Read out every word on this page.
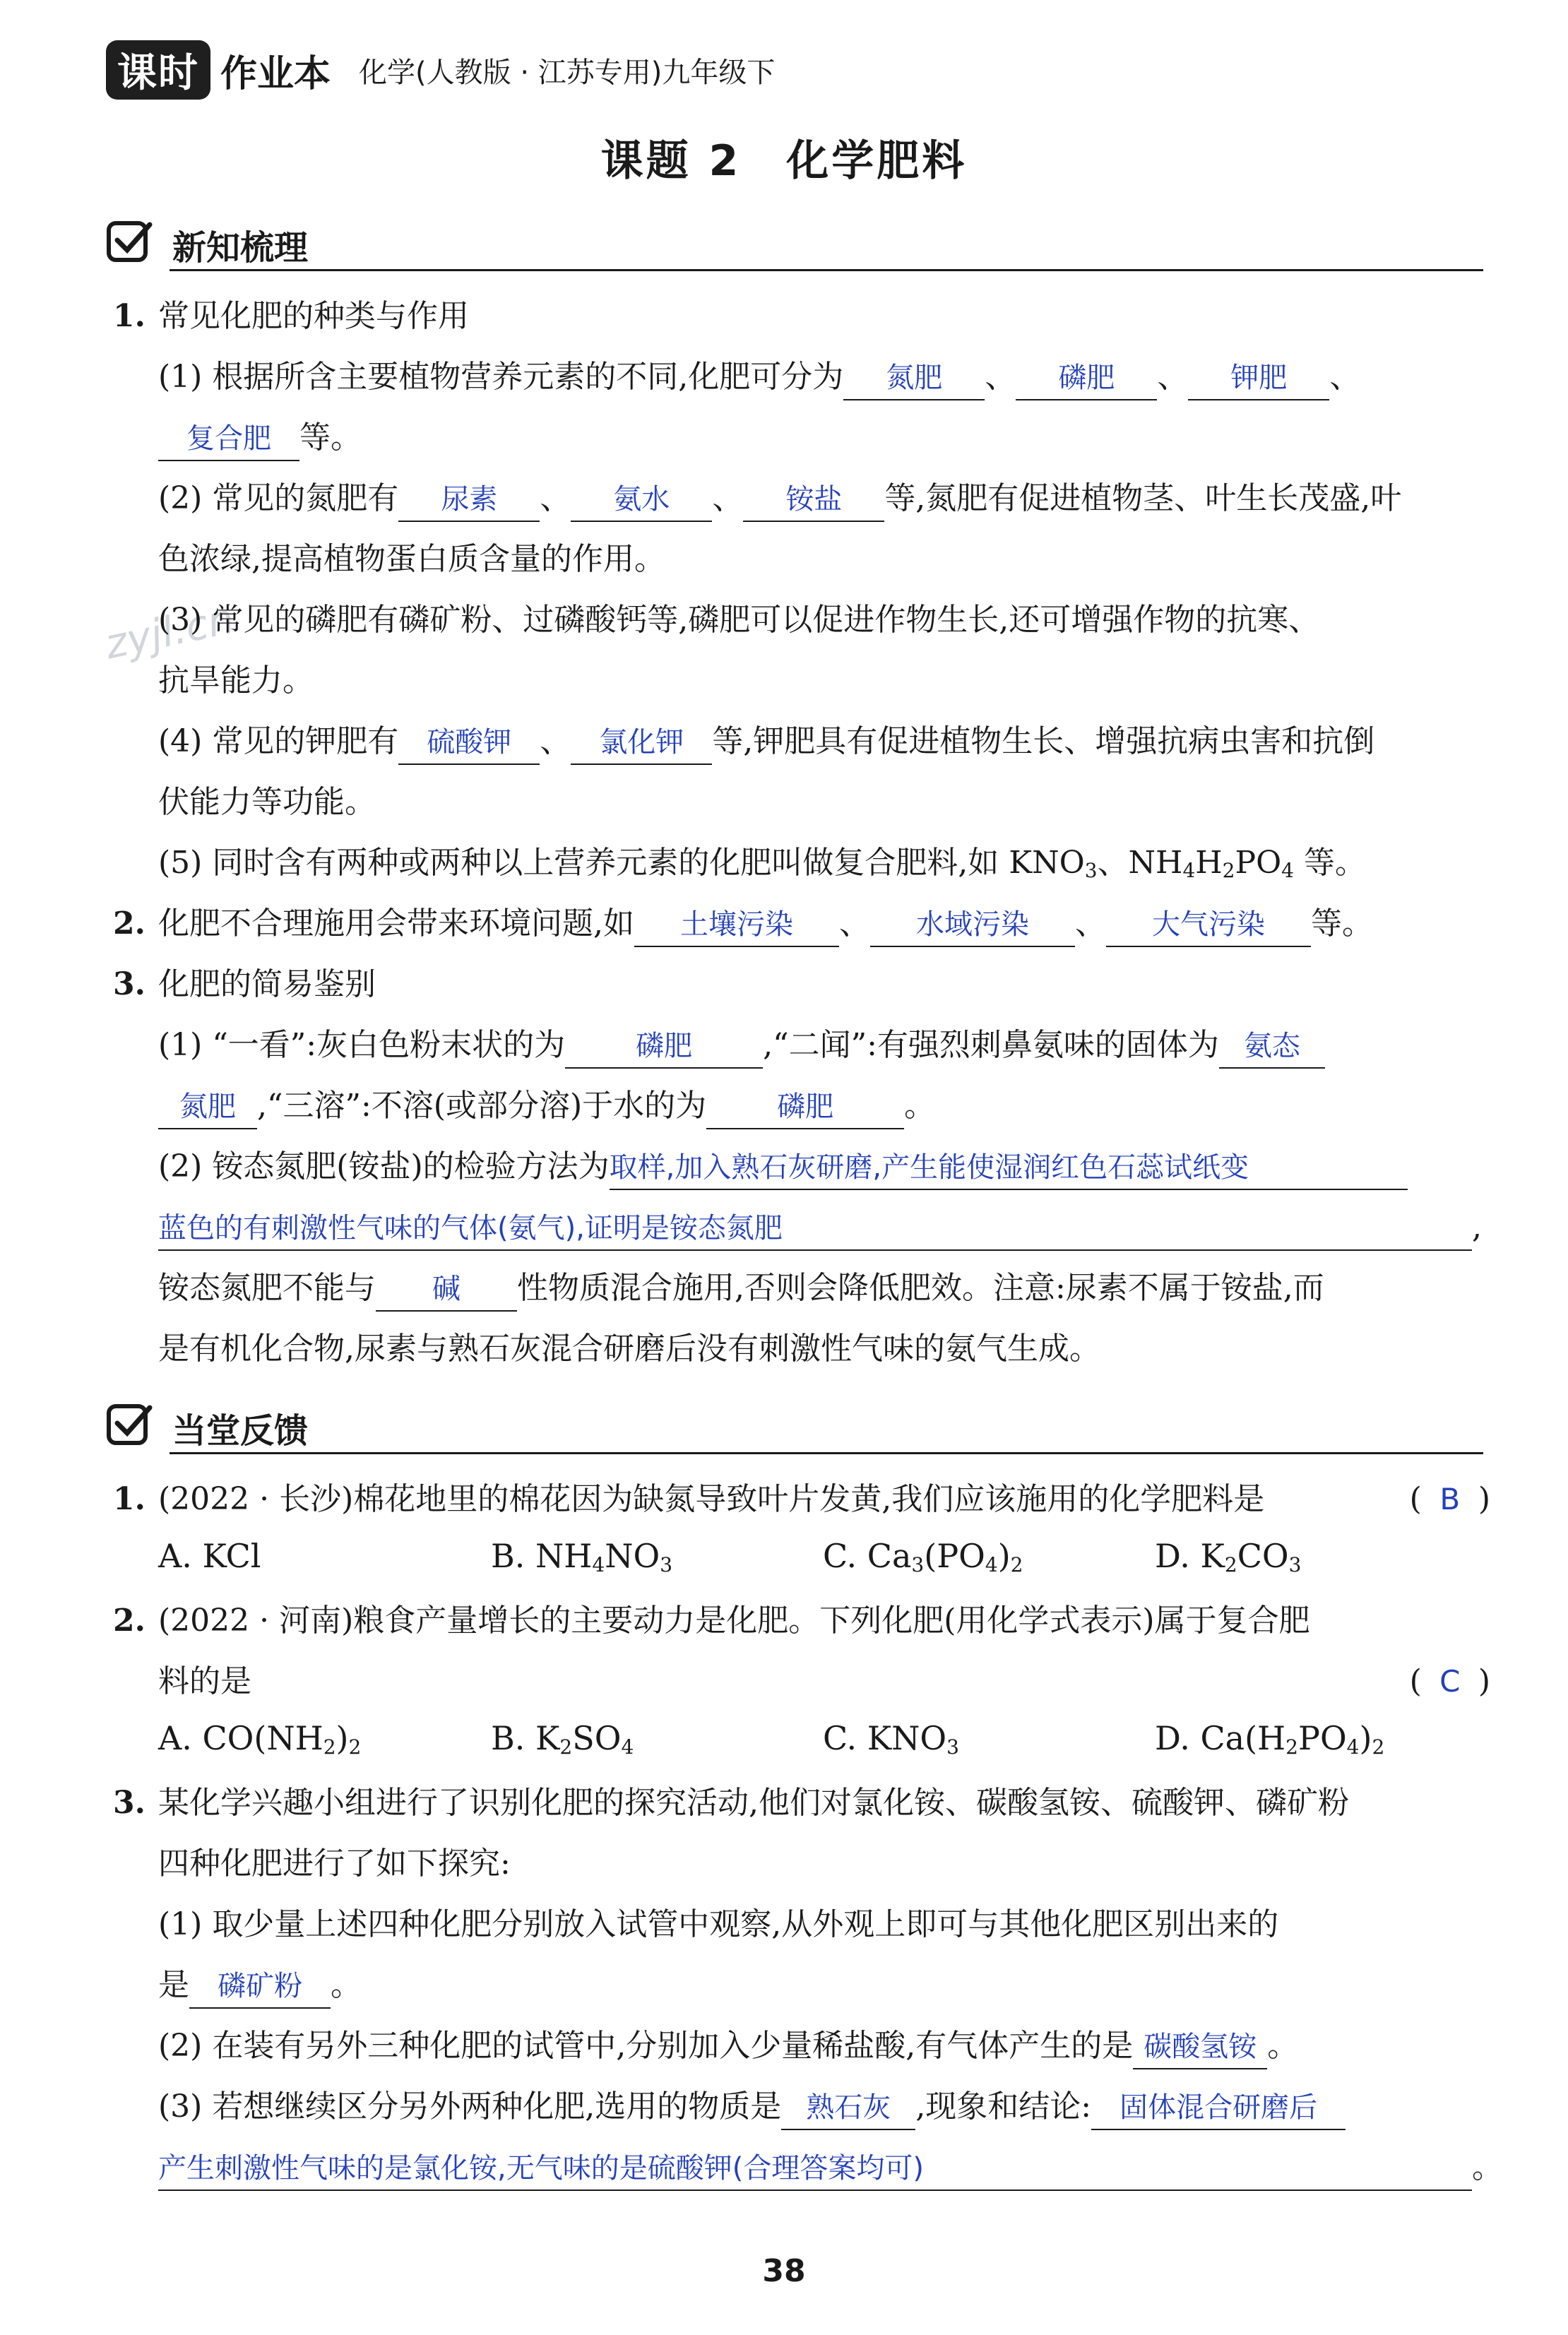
课时 作业本 化学(人教版 · 江苏专用)九年级下
课题 2　化学肥料
zyjl.cn
新知梳理
1. 常见化肥的种类与作用
(1) 根据所含主要植物营养元素的不同,化肥可分为 氮肥 、 磷肥 、 钾肥 、
复合肥 等。
(2) 常见的氮肥有 尿素 、 氨水 、 铵盐 等,氮肥有促进植物茎、叶生长茂盛,叶
色浓绿,提高植物蛋白质含量的作用。
(3) 常见的磷肥有磷矿粉、过磷酸钙等,磷肥可以促进作物生长,还可增强作物的抗寒、
抗旱能力。
(4) 常见的钾肥有 硫酸钾 、 氯化钾 等,钾肥具有促进植物生长、增强抗病虫害和抗倒
伏能力等功能。
(5) 同时含有两种或两种以上营养元素的化肥叫做复合肥料,如 $KNO_3$、$NH_4H_2PO_4$ 等。
2. 化肥不合理施用会带来环境问题,如 土壤污染 、 水域污染 、 大气污染 等。
3. 化肥的简易鉴别
(1) “一看”:灰白色粉末状的为	磷肥 ,“二闻”:有强烈刺鼻氨味的固体为 氨态
氮肥 ,“三溶”:不溶(或部分溶)于水的为	磷肥 。
(2) 铵态氮肥(铵盐)的检验方法为取样,加入熟石灰研磨,产生能使湿润红色石蕊试纸变
蓝色的有刺激性气味的气体(氨气),证明是铵态氮肥	,
铵态氮肥不能与 碱 性物质混合施用,否则会降低肥效。注意:尿素不属于铵盐,而
是有机化合物,尿素与熟石灰混合研磨后没有刺激性气味的氨气生成。
当堂反馈
1. (2022 · 长沙)棉花地里的棉花因为缺氮导致叶片发黄,我们应该施用的化学肥料是	( B )
A. KCl	B. $NH_4NO_3$	C. $Ca_3(PO_4)_2$	D. $K_2CO_3$
2. (2022 · 河南)粮食产量增长的主要动力是化肥。下列化肥(用化学式表示)属于复合肥
料的是	( C )
A. $CO(NH_2)_2$	B. $K_2SO_4$	C. $KNO_3$	D. $Ca(H_2PO_4)_2$
3. 某化学兴趣小组进行了识别化肥的探究活动,他们对氯化铵、碳酸氢铵、硫酸钾、磷矿粉
四种化肥进行了如下探究:
(1) 取少量上述四种化肥分别放入试管中观察,从外观上即可与其他化肥区别出来的
是 磷矿粉 。
(2) 在装有另外三种化肥的试管中,分别加入少量稀盐酸,有气体产生的是 碳酸氢铵 。
(3) 若想继续区分另外两种化肥,选用的物质是 熟石灰 ,现象和结论: 固体混合研磨后
产生刺激性气味的是氯化铵,无气味的是硫酸钾(合理答案均可)	。
38
